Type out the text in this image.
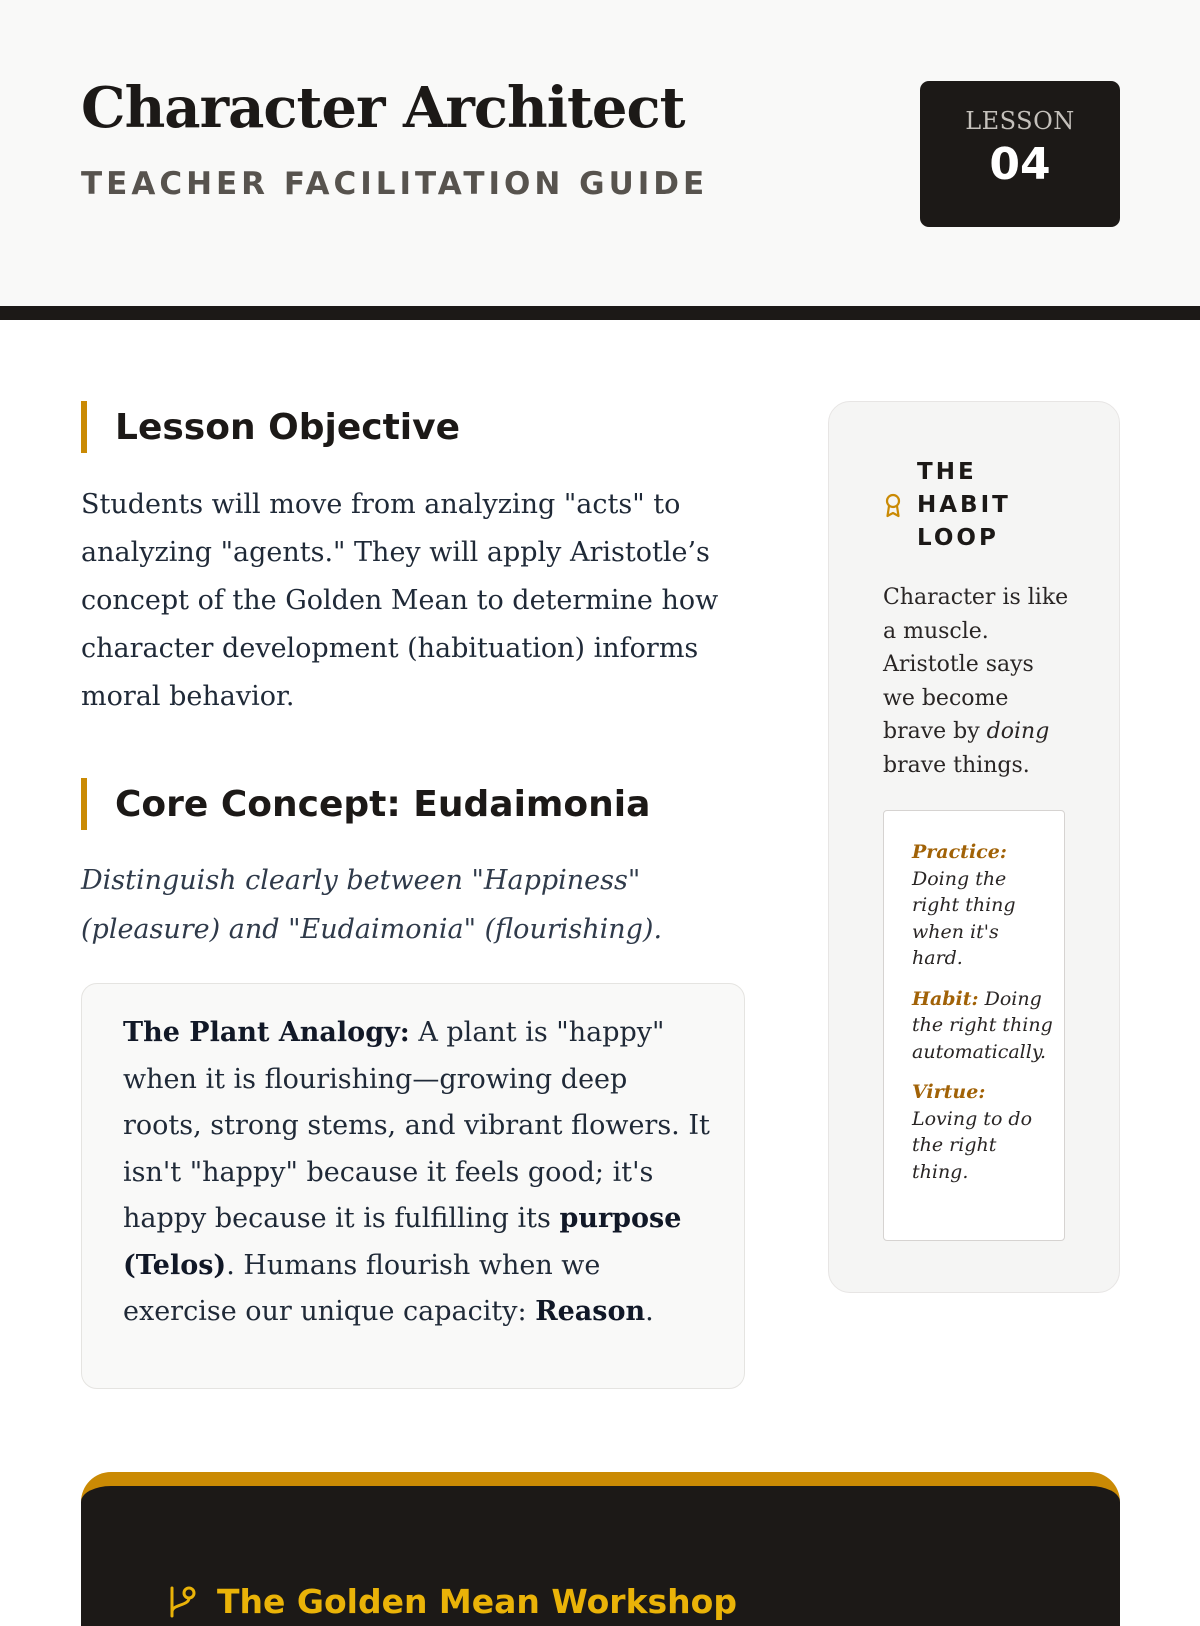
Character Architect
TEACHER FACILITATION GUIDE
LESSON
04
Lesson Objective

Students will move from analyzing "acts" to analyzing "agents." They will apply Aristotle’s concept of the Golden Mean to determine how character development (habituation) informs moral behavior.

Core Concept: Eudaimonia

Distinguish clearly between "Happiness" (pleasure) and "Eudaimonia" (flourishing).

The Plant Analogy: A plant is "happy" when it is flourishing—growing deep roots, strong stems, and vibrant flowers. It isn't "happy" because it feels good; it's happy because it is fulfilling its purpose (Telos). Humans flourish when we exercise our unique capacity: Reason.

THE HABIT LOOP

Character is like a muscle. Aristotle says we become brave by doing brave things.

Practice: Doing the right thing when it's hard.

Habit: Doing the right thing automatically.

Virtue: Loving to do the right thing.

The Golden Mean Workshop
